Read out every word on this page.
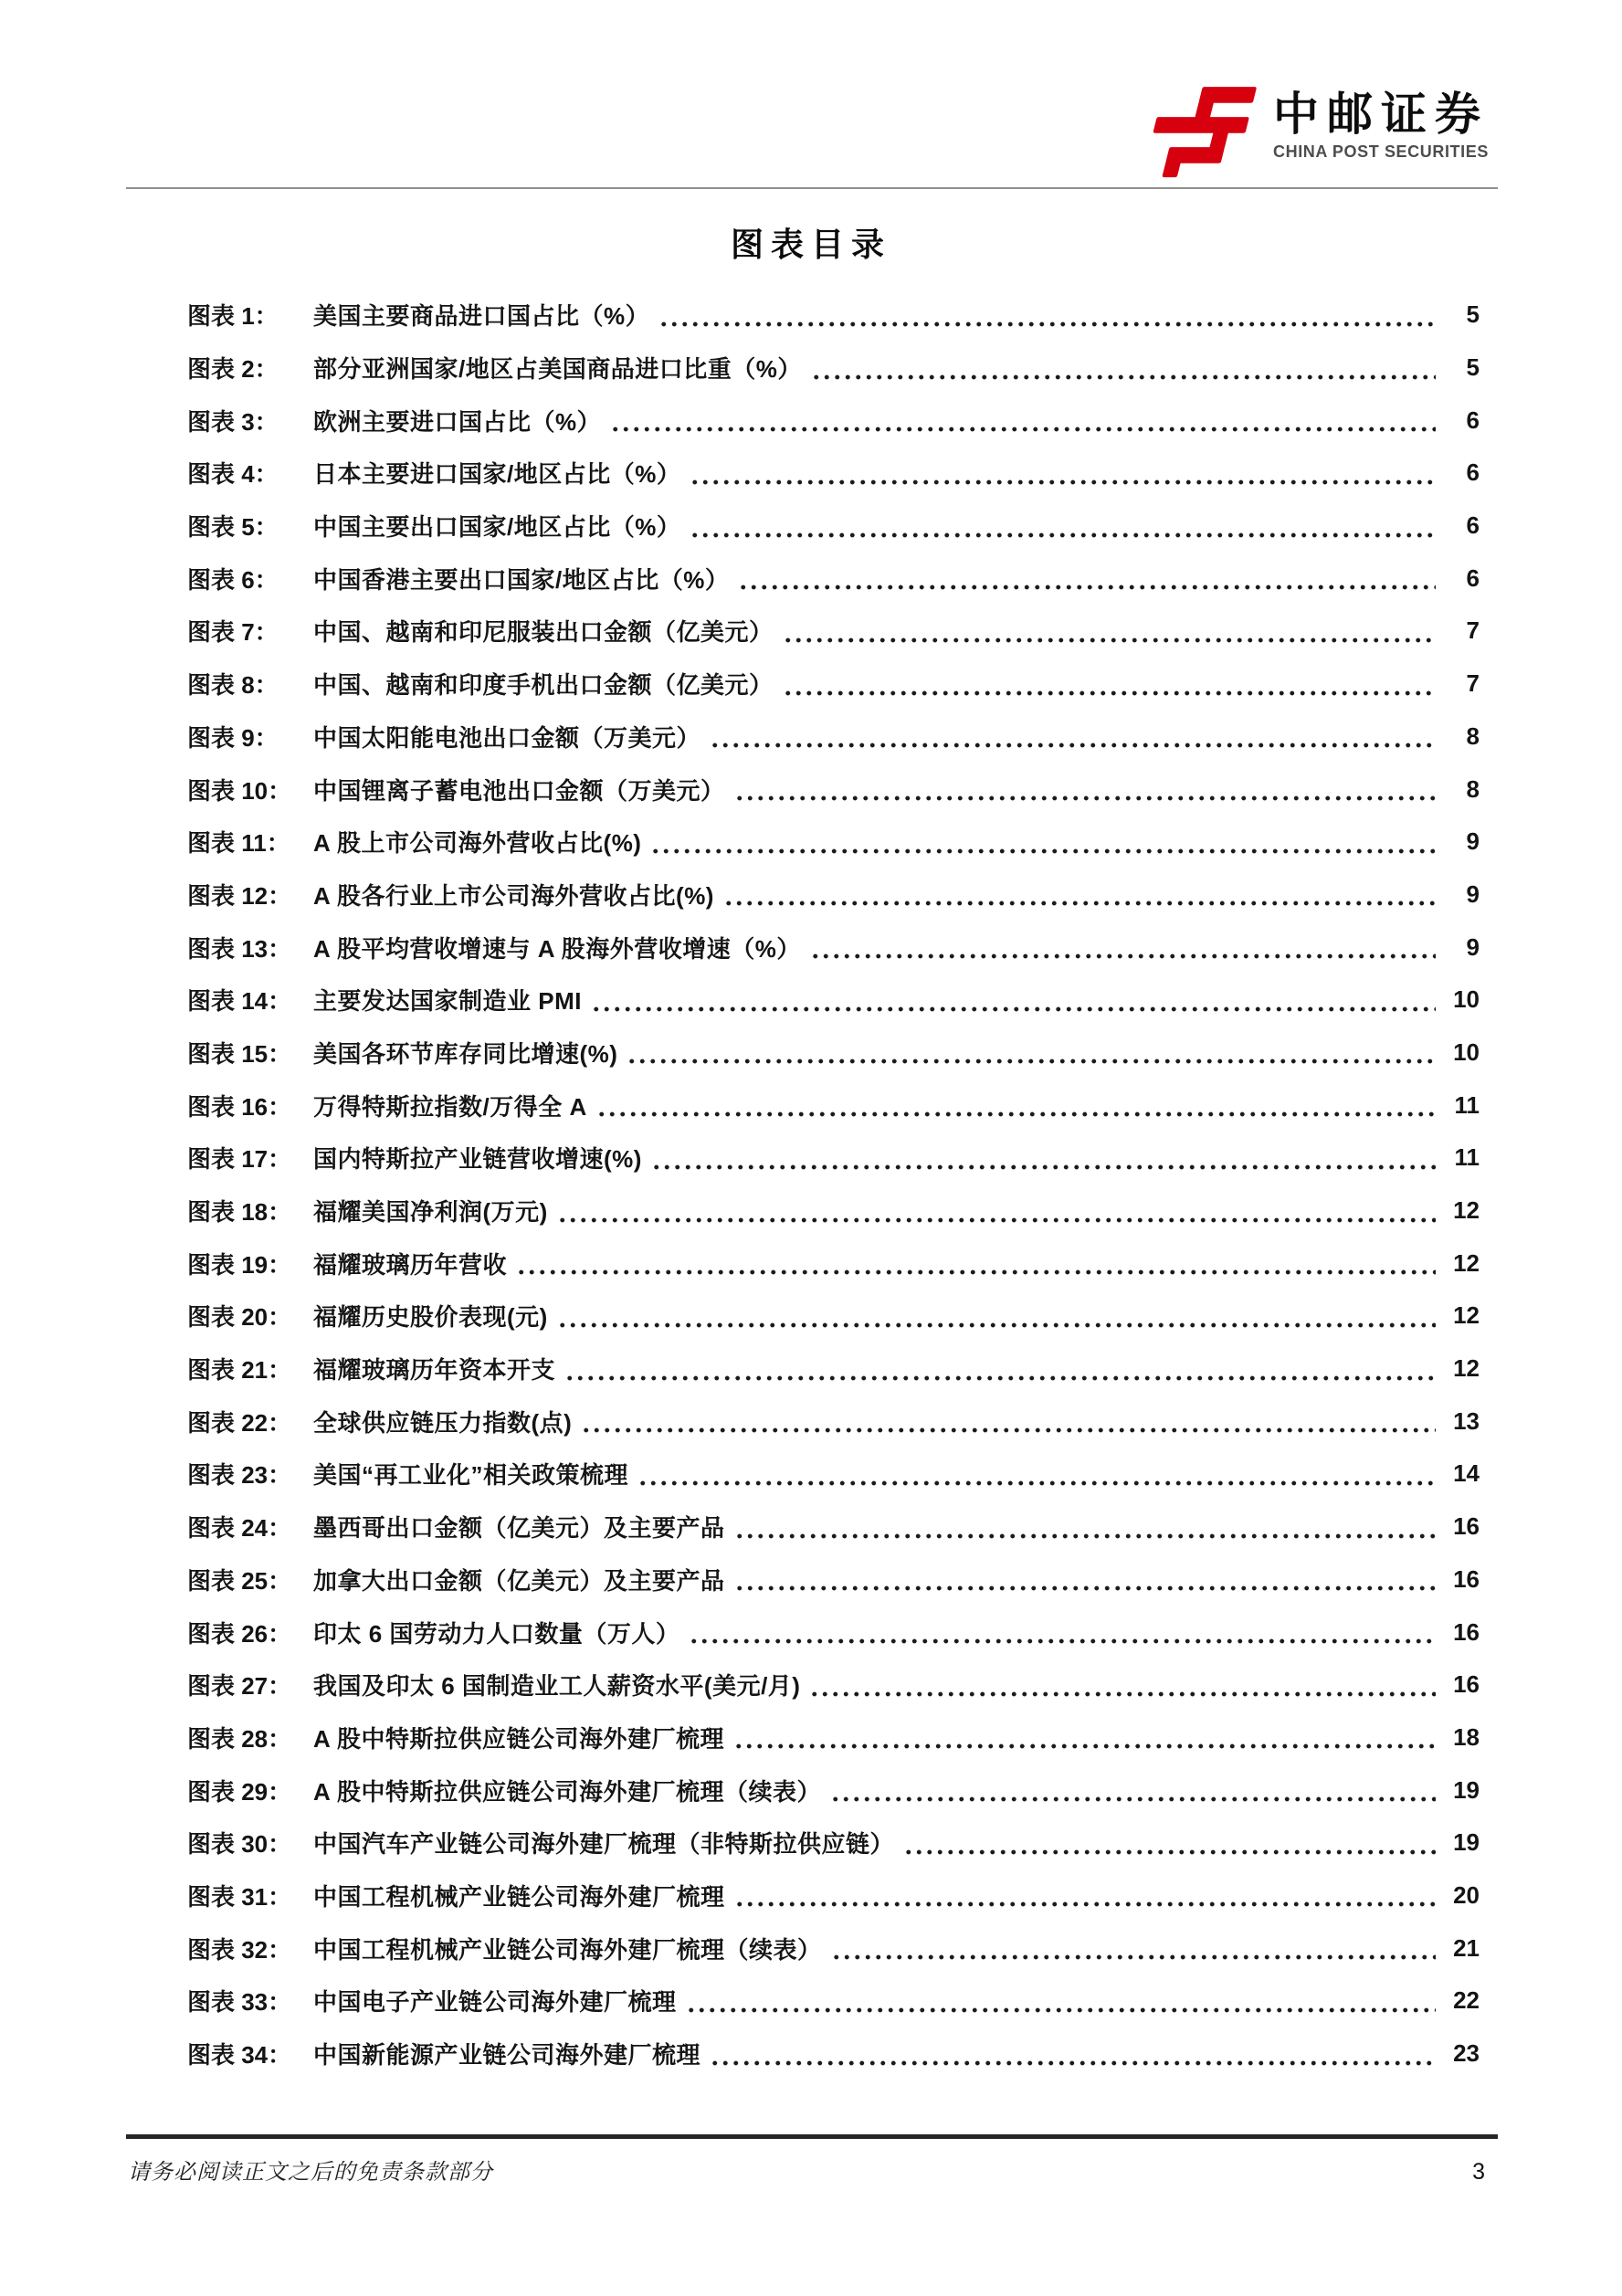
中邮证券
CHINA POST SECURITIES
图表目录
图表 1：	美国主要商品进口国占比（%）	5
图表 2：	部分亚洲国家/地区占美国商品进口比重（%）	5
图表 3：	欧洲主要进口国占比（%）	6
图表 4：	日本主要进口国家/地区占比（%）	6
图表 5：	中国主要出口国家/地区占比（%）	6
图表 6：	中国香港主要出口国家/地区占比（%）	6
图表 7：	中国、越南和印尼服装出口金额（亿美元）	7
图表 8：	中国、越南和印度手机出口金额（亿美元）	7
图表 9：	中国太阳能电池出口金额（万美元）	8
图表 10： 中国锂离子蓄电池出口金额（万美元）	8
图表 11： A 股上市公司海外营收占比(%)	9
图表 12： A 股各行业上市公司海外营收占比(%)	9
图表 13： A 股平均营收增速与 A 股海外营收增速（%）	9
图表 14： 主要发达国家制造业 PMI	10
图表 15： 美国各环节库存同比增速(%)	10
图表 16： 万得特斯拉指数/万得全 A	11
图表 17： 国内特斯拉产业链营收增速(%)	11
图表 18： 福耀美国净利润(万元)	12
图表 19： 福耀玻璃历年营收	12
图表 20： 福耀历史股价表现(元)	12
图表 21： 福耀玻璃历年资本开支	12
图表 22： 全球供应链压力指数(点)	13
图表 23： 美国“再工业化”相关政策梳理	14
图表 24： 墨西哥出口金额（亿美元）及主要产品	16
图表 25： 加拿大出口金额（亿美元）及主要产品	16
图表 26： 印太 6 国劳动力人口数量（万人）	16
图表 27： 我国及印太 6 国制造业工人薪资水平(美元/月)	16
图表 28： A 股中特斯拉供应链公司海外建厂梳理	18
图表 29： A 股中特斯拉供应链公司海外建厂梳理（续表）	19
图表 30： 中国汽车产业链公司海外建厂梳理（非特斯拉供应链）	19
图表 31： 中国工程机械产业链公司海外建厂梳理	20
图表 32： 中国工程机械产业链公司海外建厂梳理（续表）	21
图表 33： 中国电子产业链公司海外建厂梳理	22
图表 34： 中国新能源产业链公司海外建厂梳理	23
请务必阅读正文之后的免责条款部分	3
